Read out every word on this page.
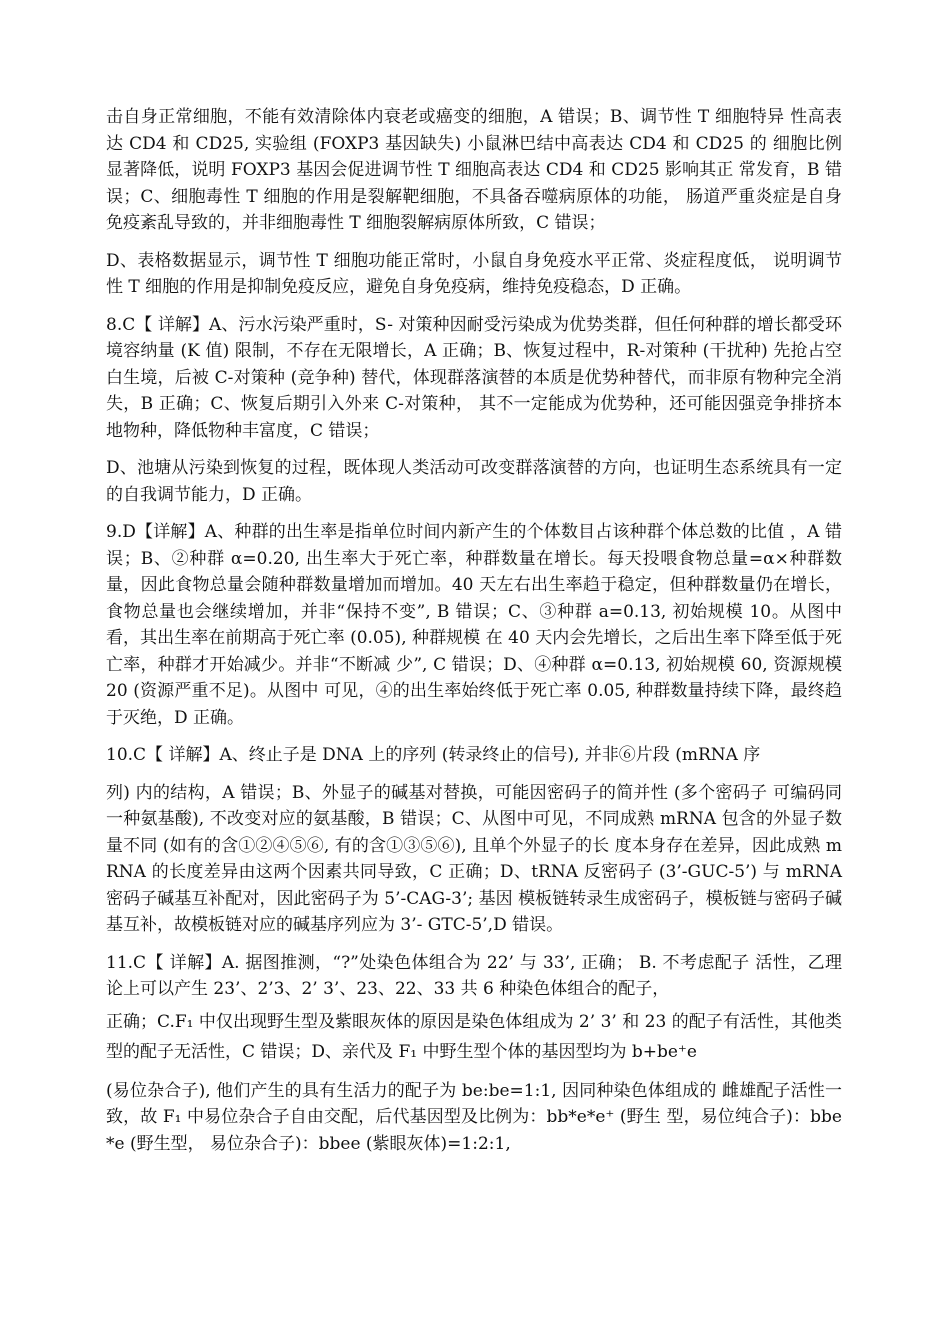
击自身正常细胞，不能有效清除体内衰老或癌变的细胞，A 错误；B、调节性 T 细胞特异 性高表达 CD4 和 CD25, 实验组 (FOXP3 基因缺失) 小鼠淋巴结中高表达 CD4 和 CD25 的 细胞比例显著降低，说明 FOXP3 基因会促进调节性 T 细胞高表达 CD4 和 CD25 影响其正 常发育，B 错误；C、细胞毒性 T 细胞的作用是裂解靶细胞，不具备吞噬病原体的功能， 肠道严重炎症是自身免疫紊乱导致的，并非细胞毒性 T 细胞裂解病原体所致，C 错误；

D、表格数据显示，调节性 T 细胞功能正常时，小鼠自身免疫水平正常、炎症程度低， 说明调节性 T 细胞的作用是抑制免疫反应，避免自身免疫病，维持免疫稳态，D 正确。

8.C【 详解】A、污水污染严重时，S- 对策种因耐受污染成为优势类群，但任何种群的增长都受环境容纳量 (K 值) 限制，不存在无限增长，A 正确；B、恢复过程中，R-对策种 (干扰种) 先抢占空白生境，后被 C-对策种 (竞争种) 替代，体现群落演替的本质是优势种替代，而非原有物种完全消失，B 正确；C、恢复后期引入外来 C-对策种， 其不一定能成为优势种，还可能因强竞争排挤本地物种，降低物种丰富度，C 错误；

D、池塘从污染到恢复的过程，既体现人类活动可改变群落演替的方向，也证明生态系统具有一定的自我调节能力，D 正确。

9.D【详解】A、种群的出生率是指单位时间内新产生的个体数目占该种群个体总数的比值 ，A 错误；B、②种群 α=0.20, 出生率大于死亡率，种群数量在增长。每天投喂食物总量=α×种群数量，因此食物总量会随种群数量增加而增加。40 天左右出生率趋于稳定，但种群数量仍在增长，食物总量也会继续增加，并非“保持不变”, B 错误；C、③种群 a=0.13, 初始规模 10。从图中看，其出生率在前期高于死亡率 (0.05), 种群规模 在 40 天内会先增长，之后出生率下降至低于死亡率，种群才开始减少。并非“不断减 少”, C 错误；D、④种群 α=0.13, 初始规模 60, 资源规模 20 (资源严重不足)。从图中 可见，④的出生率始终低于死亡率 0.05, 种群数量持续下降，最终趋于灭绝，D 正确。

10.C【 详解】A、终止子是 DNA 上的序列 (转录终止的信号), 并非⑥片段 (mRNA 序

列) 内的结构，A 错误；B、外显子的碱基对替换，可能因密码子的简并性 (多个密码子 可编码同一种氨基酸), 不改变对应的氨基酸，B 错误；C、从图中可见，不同成熟 mRNA 包含的外显子数量不同 (如有的含①②④⑤⑥, 有的含①③⑤⑥), 且单个外显子的长 度本身存在差异，因此成熟 mRNA 的长度差异由这两个因素共同导致，C 正确；D、tRNA 反密码子 (3’-GUC-5’) 与 mRNA 密码子碱基互补配对，因此密码子为 5’-CAG-3’; 基因 模板链转录生成密码子，模板链与密码子碱基互补，故模板链对应的碱基序列应为 3’- GTC-5’,D 错误。

11.C【 详解】A. 据图推测，“?”处染色体组合为 22’ 与 33’, 正确； B. 不考虑配子 活性，乙理论上可以产生 23’、2’3、2’ 3’、23、22、33 共 6 种染色体组合的配子，

正确；C.F₁ 中仅出现野生型及紫眼灰体的原因是染色体组成为 2’ 3’ 和 23 的配子有活性，其他类型的配子无活性，C 错误；D、亲代及 F₁ 中野生型个体的基因型均为 b+be⁺e

(易位杂合子), 他们产生的具有生活力的配子为 be:be=1:1, 因同种染色体组成的 雌雄配子活性一致，故 F₁ 中易位杂合子自由交配，后代基因型及比例为：bb*e*e⁺ (野生 型，易位纯合子)：bbe*e (野生型， 易位杂合子)：bbee (紫眼灰体)=1:2:1,
